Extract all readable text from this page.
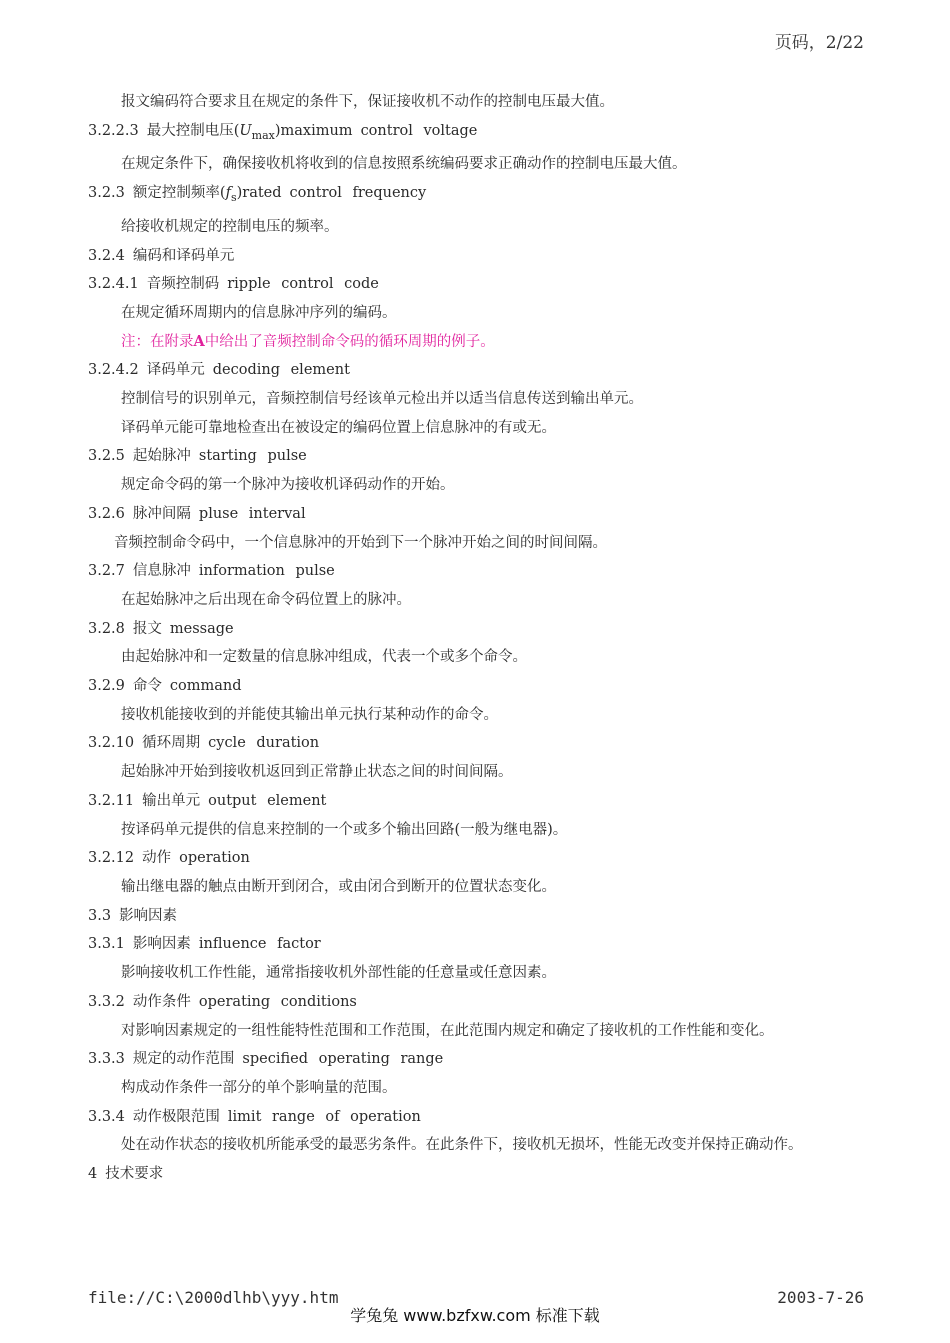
页码，2/22
报文编码符合要求且在规定的条件下，保证接收机不动作的控制电压最大值。
3.2.2.3 最大控制电压$(U_{max})maximum$ control voltage
在规定条件下，确保接收机将收到的信息按照系统编码要求正确动作的控制电压最大值。
3.2.3 额定控制频率$(f_s)rated$ control frequency
给接收机规定的控制电压的频率。
3.2.4 编码和译码单元
3.2.4.1 音频控制码 ripple control code
在规定循环周期内的信息脉冲序列的编码。
注：在附录A中给出了音频控制命令码的循环周期的例子。
3.2.4.2 译码单元 decoding element
控制信号的识别单元，音频控制信号经该单元检出并以适当信息传送到输出单元。
译码单元能可靠地检查出在被设定的编码位置上信息脉冲的有或无。
3.2.5 起始脉冲 starting pulse
规定命令码的第一个脉冲为接收机译码动作的开始。
3.2.6 脉冲间隔 pluse interval
音频控制命令码中，一个信息脉冲的开始到下一个脉冲开始之间的时间间隔。
3.2.7 信息脉冲 information pulse
在起始脉冲之后出现在命令码位置上的脉冲。
3.2.8 报文 message
由起始脉冲和一定数量的信息脉冲组成，代表一个或多个命令。
3.2.9 命令 command
接收机能接收到的并能使其输出单元执行某种动作的命令。
3.2.10 循环周期 cycle duration
起始脉冲开始到接收机返回到正常静止状态之间的时间间隔。
3.2.11 输出单元 output element
按译码单元提供的信息来控制的一个或多个输出回路(一般为继电器)。
3.2.12 动作 operation
输出继电器的触点由断开到闭合，或由闭合到断开的位置状态变化。
3.3 影响因素
3.3.1 影响因素 influence factor
影响接收机工作性能，通常指接收机外部性能的任意量或任意因素。
3.3.2 动作条件 operating conditions
对影响因素规定的一组性能特性范围和工作范围，在此范围内规定和确定了接收机的工作性能和变化。
3.3.3 规定的动作范围 specified operating range
构成动作条件一部分的单个影响量的范围。
3.3.4 动作极限范围 limit range of operation
处在动作状态的接收机所能承受的最恶劣条件。在此条件下，接收机无损坏，性能无改变并保持正确动作。
4 技术要求
file://C:\2000dlhb\yyy.htm	2003-7-26
学兔兔 www.bzfxw.com 标准下载
